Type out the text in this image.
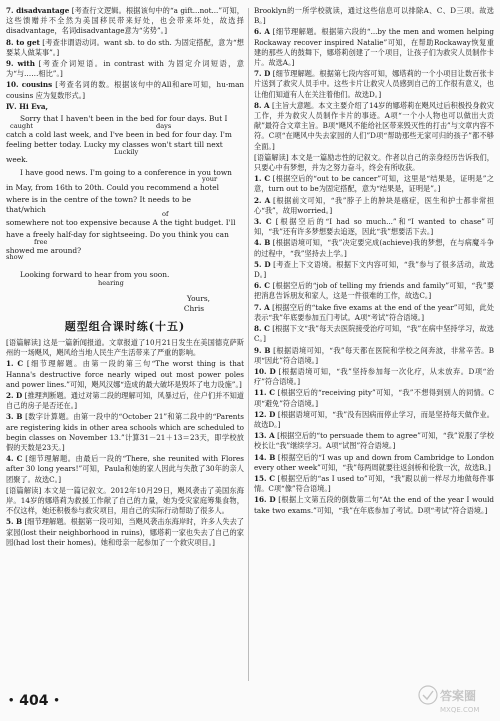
7. disadvantage [考查行文逻辑。根据该句中的“a gift...not...”可知，这些馈赠并不全然为美国移民带来好处，也会带来坏处，故选择disadvantage，名词disadvantage意为“劣势”。]
8. to get [考查非谓语动词。want sb. to do sth. 为固定搭配，意为“想要某人做某事”。]
9. with [考查介词短语。in contrast with 为固定介词短语，意为“与……相比”。]
10. cousins [考查名词的数。根据该句中的All和are可知，hu-man cousins 应为复数形式。]
Ⅳ. Hi Eva,
Sorry that I haven't been in the bed for four days. But I
caught	days
catch a cold last week, and I've been in bed for four day. I'm
feeling better today. Lucky my classes won't start till next
Luckily
week.
I have good news. I'm going to a conference in you town
your
in May, from 16th to 20th. Could you recommend a hotel
where is in the centre of the town? It needs to be
that/which	of
somewhere not too expensive because A the tight budget. I'll
have a freely half-day for sightseeing. Do you think you can
free
showed me around?
show
Looking forward to hear from you soon.
hearing
Yours,
Chris
题型组合课时练(十五)
[语篇解读] 这是一篇新闻报道。文章报道了10月21日发生在美国德克萨斯州的一场飓风，飓风给当地人民生产生活带来了严重的影响。
1. C [细节理解题。由第一段的第三句“The worst thing is that Hanna's destructive force nearly wiped out most power poles and power lines.”可知，飓风汉娜“造成的最大破坏是毁坏了电力设施”。]
2. D [推理判断题。通过对第二段的理解可知，风暴过后，住户们并不知道自己的房子是否还在。]
3. B [数字计算题。由第一段中的“October 21”和第二段中的“Parents are registering kids in other area schools which are scheduled to begin classes on November 13.”计算31－21＋13＝23天，即学校放假的天数是23天。]
4. C [细节理解题。由最后一段的“There, she reunited with Flores after 30 long years!”可知，Paula和她的家人因此与失散了30年的亲人团聚了。故选C。]
[语篇解读] 本文是一篇记叙文。2012年10月29日，飓风袭击了美国东海岸。14岁的娜塔莉为救援工作献了自己的力量，她为受灾家庭筹集食物，不仅这样，她还积极参与救灾项目，用自己的实际行动帮助了很多人。
5. B [细节理解题。根据第一段可知，当飓风袭击东海岸时，许多人失去了家园(lost their neighborhood in ruins)，娜塔莉一家也失去了自己的家园(had lost their homes)。她和母亲一起参加了一个救灾项目。]
Brooklyn的一所学校就读，通过这些信息可以排除A、C、D三项。故选B。]
6. A [细节理解题。根据第六段的“...by the men and women helping Rockaway recover inspired Natalie”可知，在帮助Rockaway恢复重建的那些人的鼓舞下，娜塔莉创建了一个项目，让孩子们为救灾人员制作卡片。故选A。]
7. D [细节理解题。根据第七段内容可知，娜塔莉的一个小项目让数百张卡片送到了救灾人员手中。这些卡片让救灾人员感到自己的工作很有意义，也让他们知道有人在关注着他们。故选D。]
8. A [主旨大意题。本文主要介绍了14岁的娜塔莉在飓风过后积极投身救灾工作，并为救灾人员制作卡片的事迹。A项“一个小人物也可以做出大贡献”最符合文章主旨。B项“飓风不能给社区带来毁灭性的打击”与文章内容不符。C项“在飓风中失去家园的人们”D项“帮助那些无家可归的孩子”都不够全面。]
[语篇解读] 本文是一篇励志性的记叙文。作者以自己的亲身经历告诉我们，只要心中有梦想，并为之努力奋斗，终会有所收获。
1. C [根据空后的“out to be cancer”可知，这里是“结果是，证明是”之意，turn out to be为固定搭配，意为“结果是，证明是”。]
2. A [根据前文可知，“我”脖子上的肿块是癌症，医生和护士都非常担心“我”，故用worried。]
3. C [根据空后的“I had so much...”和“I wanted to chase”可知，“我”还有许多梦想要去追逐，因此“我”想要活下去。]
4. B [根据语境可知，“我”决定要完成(achieve)我的梦想，在与病魔斗争的过程中，“我”坚持去上学。]
5. D [考查上下文语境。根据下文内容可知，“我”参与了很多活动，故选D。]
6. C [根据空后的“job of telling my friends and family”可知，“我”要把消息告诉朋友和家人，这是一件很难的工作，故选C。]
7. A [根据空后的“take five exams at the end of the year”可知，此处表示“我”年底要参加五门考试。A项“考试”符合语境。]
8. C [根据下文“我”每天去医院接受治疗可知，“我”在病中坚持学习，故选C。]
9. B [根据语境可知，“我”每天都在医院和学校之间奔波，非常辛苦。B项“因此”符合语境。]
10. D [根据语境可知，“我”坚持参加每一次化疗，从未放弃。D项“治疗”符合语境。]
11. C [根据空后的“receiving pity”可知，“我”不想得到别人的同情。C项“避免”符合语境。]
12. D [根据语境可知，“我”没有因病而停止学习，而是坚持每天做作业。故选D。]
13. A [根据空后的“to persuade them to agree”可知，“我”说服了学校校长让“我”继续学习。A项“试图”符合语境。]
14. B [根据空后的“I was up and down from Cambridge to London every other week”可知，“我”每两周就要往返剑桥和伦敦一次，故选B。]
15. C [根据空后的“as I used to”可知，“我”跟以前一样尽力地做每件事情。C项“像”符合语境。]
16. D [根据上文第五段的倒数第二句“At the end of the year I would take two exams.”可知，“我”在年底参加了考试。D项“考试”符合语境。]
• 404 •	答案圈
MXQE.COM
